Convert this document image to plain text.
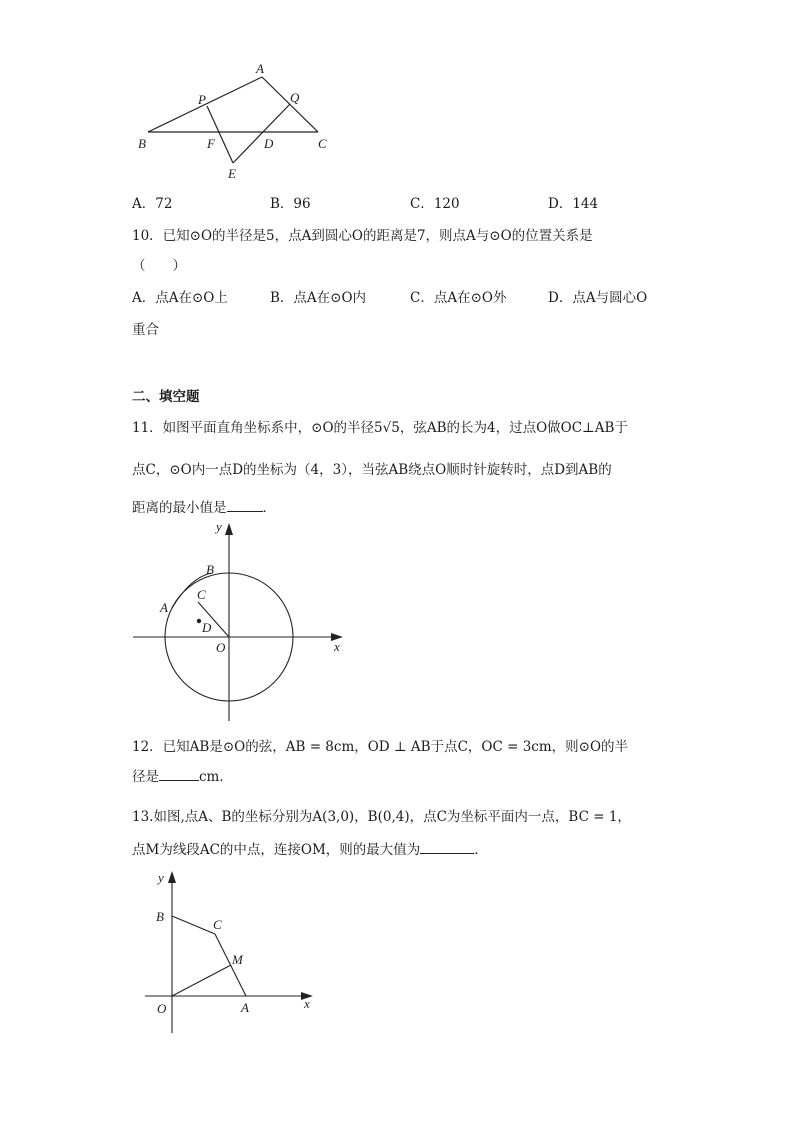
A
P	Q
B	F	D	C
E
A．72	B．96	C．120	D．144
10．已知⊙O的半径是5，点A到圆心O的距离是7，则点A与⊙O的位置关系是
（　　）
A．点A在⊙O上	B．点A在⊙O内	C．点A在⊙O外	D．点A与圆心O
重合
二、填空题
11．如图平面直角坐标系中，⊙O的半径5√5，弦AB的长为4，过点O做OC⊥AB于
点C，⊙O内一点D的坐标为（4，3），当弦AB绕点O顺时针旋转时，点D到AB的
距离的最小值是	．
y
x
B
C
A
D
O
12．已知AB是⊙O的弦，AB = 8cm，OD ⊥ AB于点C，OC = 3cm，则⊙O的半
径是	cm．
13.如图,点A、B的坐标分别为A(3,0)，B(0,4)，点C为坐标平面内一点，BC = 1，
点M为线段AC的中点，连接OM，则的最大值为	．
y
B
C
M
O	A	x
